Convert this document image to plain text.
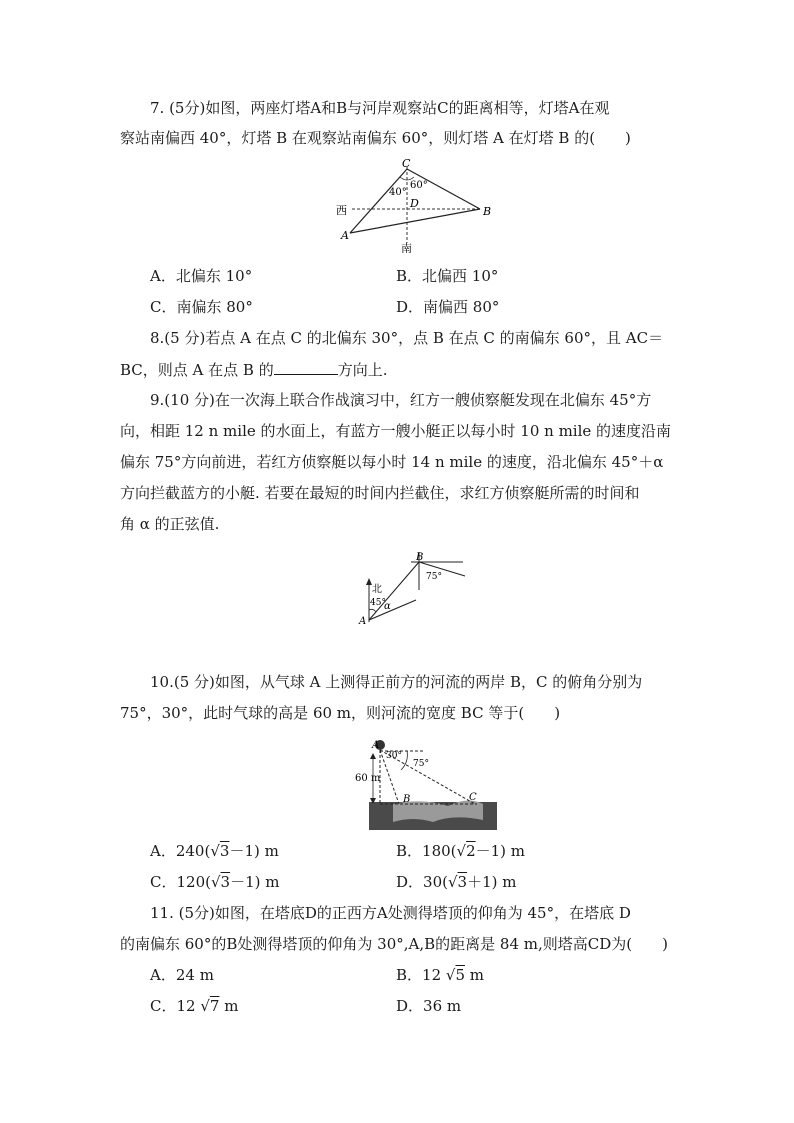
7. (5分)如图，两座灯塔A和B与河岸观察站C的距离相等，灯塔A在观
察站南偏西 40°，灯塔 B 在观察站南偏东 60°，则灯塔 A 在灯塔 B 的(　　)
C
40°
60°
D
B
A
西
南
A．北偏东 10°	B．北偏西 10°
C．南偏东 80°	D．南偏西 80°
8.(5 分)若点 A 在点 C 的北偏东 30°，点 B 在点 C 的南偏东 60°，且 AC＝
BC，则点 A 在点 B 的	方向上.
9.(10 分)在一次海上联合作战演习中，红方一艘侦察艇发现在北偏东 45°方
向，相距 12 n mile 的水面上，有蓝方一艘小艇正以每小时 10 n mile 的速度沿南
偏东 75°方向前进，若红方侦察艇以每小时 14 n mile 的速度，沿北偏东 45°＋α
方向拦截蓝方的小艇. 若要在最短的时间内拦截住，求红方侦察艇所需的时间和
角 α 的正弦值.
北
45°
α
A
B
75°
10.(5 分)如图，从气球 A 上测得正前方的河流的两岸 B，C 的俯角分别为
75°，30°，此时气球的高是 60 m，则河流的宽度 BC 等于(　　)
A
30°
75°
60 m
B	C
A．240(√3－1) m	B．180(√2－1) m
C．120(√3－1) m	D．30(√3＋1) m
11. (5分)如图，在塔底D的正西方A处测得塔顶的仰角为 45°，在塔底 D
的南偏东 60°的B处测得塔顶的仰角为 30°,A,B的距离是 84 m,则塔高CD为(　　)
A．24 m	B．12 √5 m
C．12 √7 m	D．36 m
